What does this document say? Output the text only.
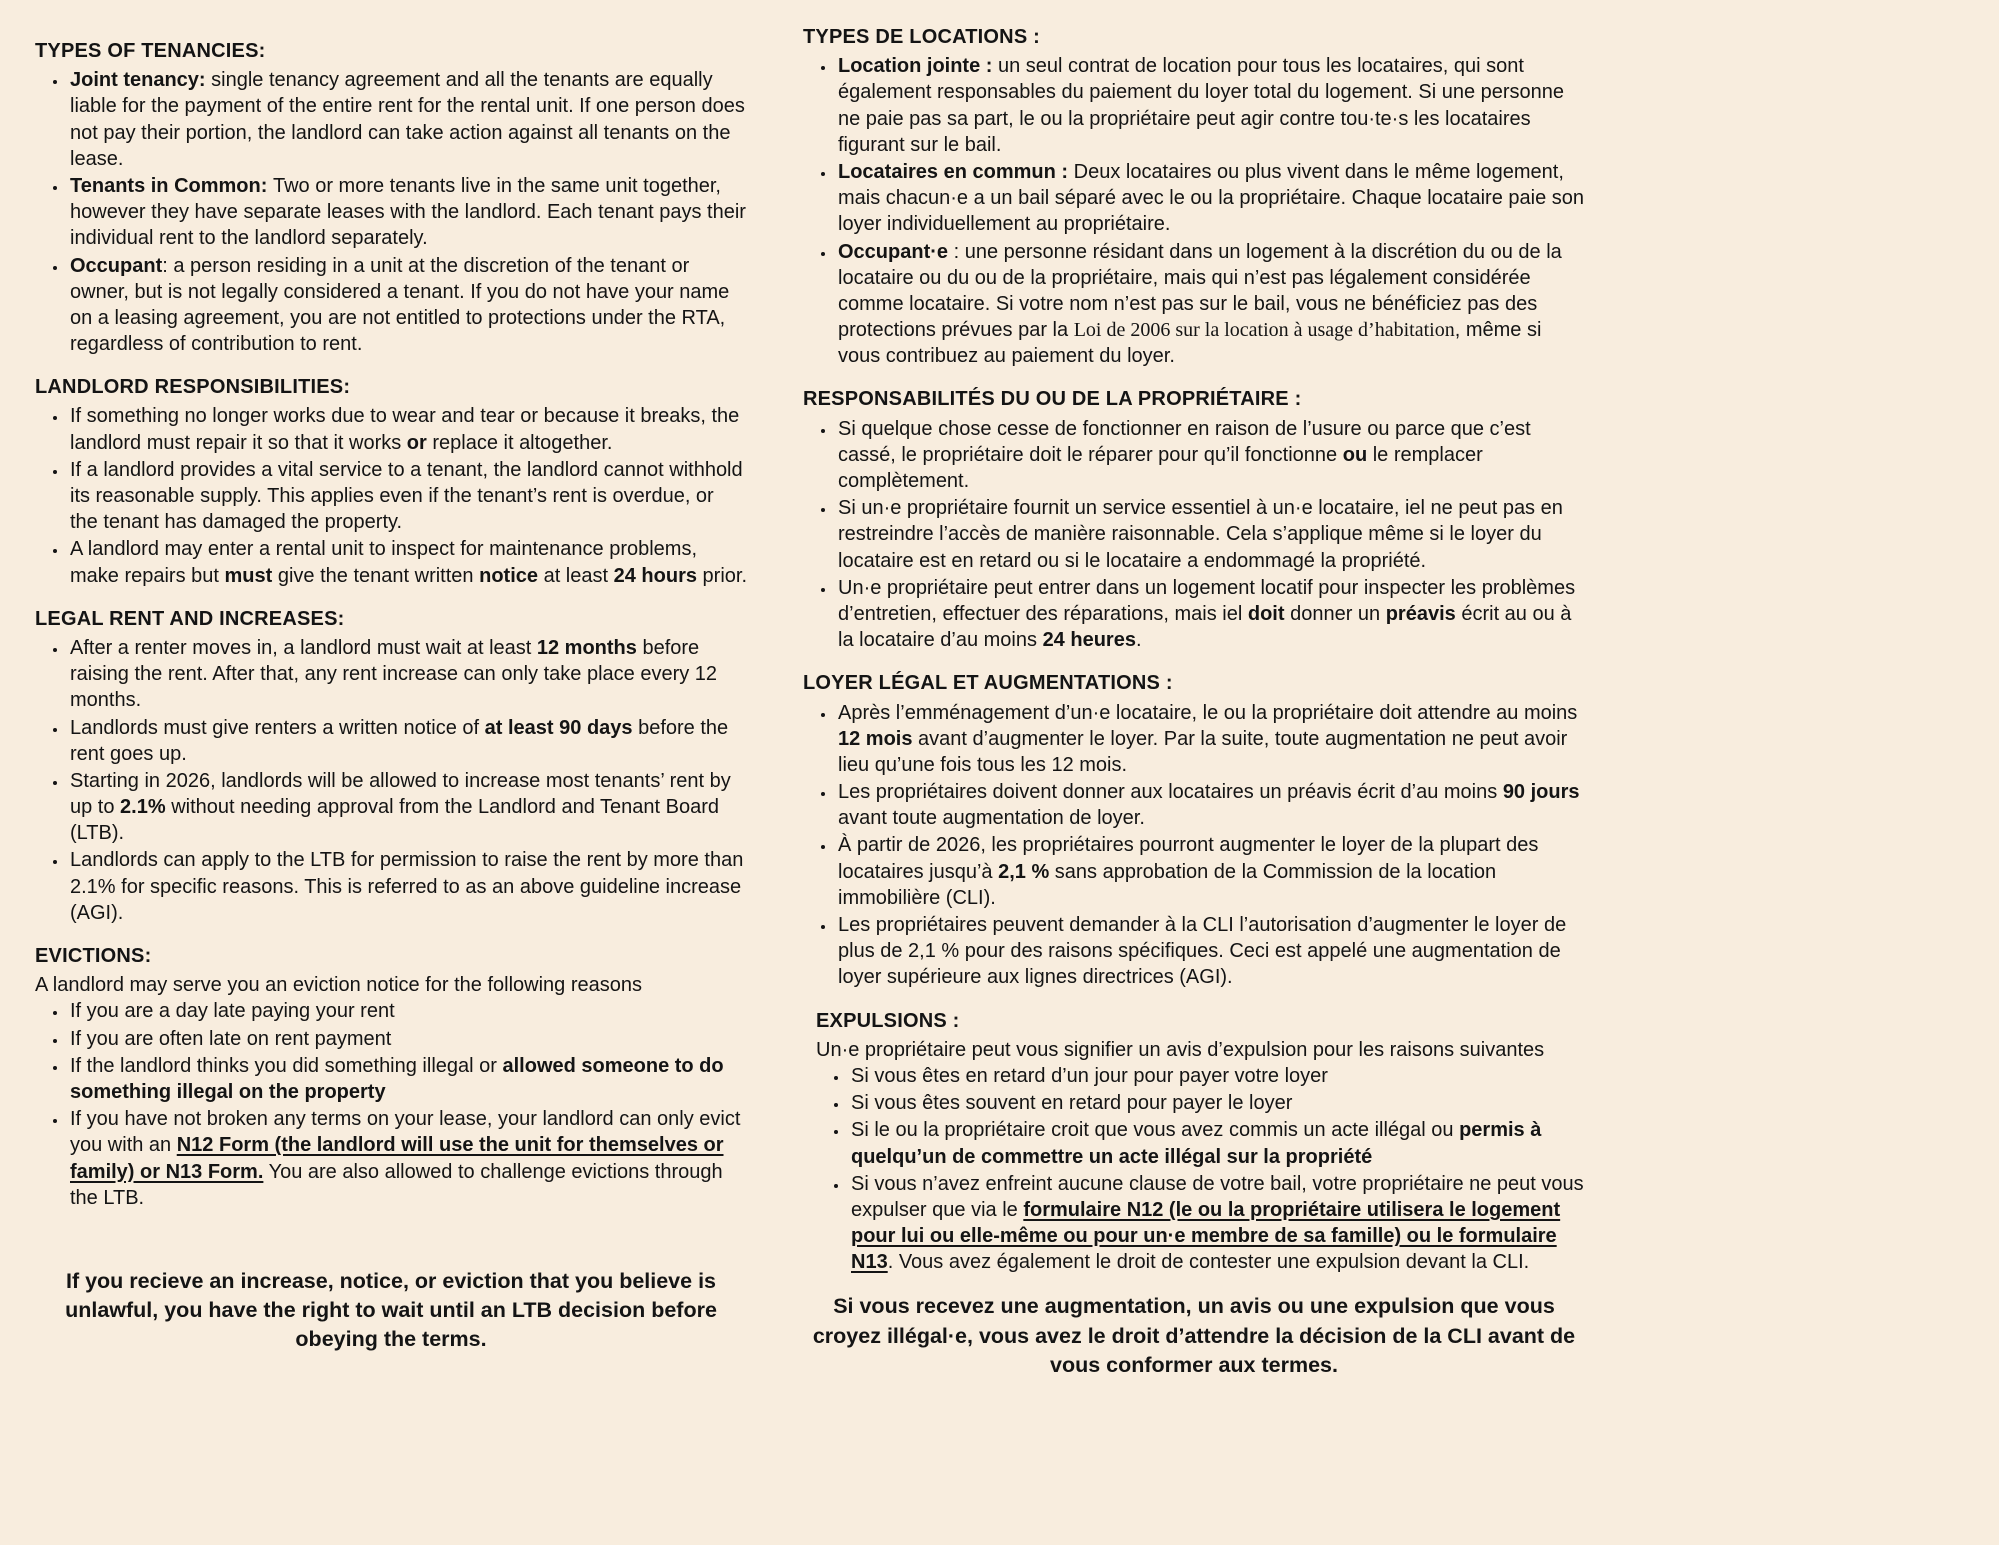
TYPES OF TENANCIES:
• Joint tenancy: single tenancy agreement and all the tenants are equally liable for the payment of the entire rent for the rental unit. If one person does not pay their portion, the landlord can take action against all tenants on the lease.
• Tenants in Common: Two or more tenants live in the same unit together, however they have separate leases with the landlord. Each tenant pays their individual rent to the landlord separately.
• Occupant: a person residing in a unit at the discretion of the tenant or owner, but is not legally considered a tenant. If you do not have your name on a leasing agreement, you are not entitled to protections under the RTA, regardless of contribution to rent.
LANDLORD RESPONSIBILITIES:
• If something no longer works due to wear and tear or because it breaks, the landlord must repair it so that it works or replace it altogether.
• If a landlord provides a vital service to a tenant, the landlord cannot withhold its reasonable supply. This applies even if the tenant’s rent is overdue, or the tenant has damaged the property.
• A landlord may enter a rental unit to inspect for maintenance problems, make repairs but must give the tenant written notice at least 24 hours prior.
LEGAL RENT AND INCREASES:
• After a renter moves in, a landlord must wait at least 12 months before raising the rent. After that, any rent increase can only take place every 12 months.
• Landlords must give renters a written notice of at least 90 days before the rent goes up.
• Starting in 2026, landlords will be allowed to increase most tenants’ rent by up to 2.1% without needing approval from the Landlord and Tenant Board (LTB).
• Landlords can apply to the LTB for permission to raise the rent by more than 2.1% for specific reasons. This is referred to as an above guideline increase (AGI).
EVICTIONS:

A landlord may serve you an eviction notice for the following reasons

• If you are a day late paying your rent
• If you are often late on rent payment
• If the landlord thinks you did something illegal or allowed someone to do something illegal on the property
• If you have not broken any terms on your lease, your landlord can only evict you with an N12 Form (the landlord will use the unit for themselves or family) or N13 Form. You are also allowed to challenge evictions through the LTB.

If you recieve an increase, notice, or eviction that you believe is unlawful, you have the right to wait until an LTB decision before obeying the terms.

TYPES DE LOCATIONS :
• Location jointe : un seul contrat de location pour tous les locataires, qui sont également responsables du paiement du loyer total du logement. Si une personne ne paie pas sa part, le ou la propriétaire peut agir contre tou·te·s les locataires figurant sur le bail.
• Locataires en commun : Deux locataires ou plus vivent dans le même logement, mais chacun·e a un bail séparé avec le ou la propriétaire. Chaque locataire paie son loyer individuellement au propriétaire.
• Occupant·e : une personne résidant dans un logement à la discrétion du ou de la locataire ou du ou de la propriétaire, mais qui n’est pas légalement considérée comme locataire. Si votre nom n’est pas sur le bail, vous ne bénéficiez pas des protections prévues par la Loi de 2006 sur la location à usage d’habitation, même si vous contribuez au paiement du loyer.
RESPONSABILITÉS DU OU DE LA PROPRIÉTAIRE :
• Si quelque chose cesse de fonctionner en raison de l’usure ou parce que c’est cassé, le propriétaire doit le réparer pour qu’il fonctionne ou le remplacer complètement.
• Si un·e propriétaire fournit un service essentiel à un·e locataire, iel ne peut pas en restreindre l’accès de manière raisonnable. Cela s’applique même si le loyer du locataire est en retard ou si le locataire a endommagé la propriété.
• Un·e propriétaire peut entrer dans un logement locatif pour inspecter les problèmes d’entretien, effectuer des réparations, mais iel doit donner un préavis écrit au ou à la locataire d’au moins 24 heures.
LOYER LÉGAL ET AUGMENTATIONS :
• Après l’emménagement d’un·e locataire, le ou la propriétaire doit attendre au moins 12 mois avant d’augmenter le loyer. Par la suite, toute augmentation ne peut avoir lieu qu’une fois tous les 12 mois.
• Les propriétaires doivent donner aux locataires un préavis écrit d’au moins 90 jours avant toute augmentation de loyer.
• À partir de 2026, les propriétaires pourront augmenter le loyer de la plupart des locataires jusqu’à 2,1 % sans approbation de la Commission de la location immobilière (CLI).
• Les propriétaires peuvent demander à la CLI l’autorisation d’augmenter le loyer de plus de 2,1 % pour des raisons spécifiques. Ceci est appelé une augmentation de loyer supérieure aux lignes directrices (AGI).
EXPULSIONS :

Un·e propriétaire peut vous signifier un avis d’expulsion pour les raisons suivantes

• Si vous êtes en retard d’un jour pour payer votre loyer
• Si vous êtes souvent en retard pour payer le loyer
• Si le ou la propriétaire croit que vous avez commis un acte illégal ou permis à quelqu’un de commettre un acte illégal sur la propriété
• Si vous n’avez enfreint aucune clause de votre bail, votre propriétaire ne peut vous expulser que via le formulaire N12 (le ou la propriétaire utilisera le logement pour lui ou elle-même ou pour un·e membre de sa famille) ou le formulaire N13. Vous avez également le droit de contester une expulsion devant la CLI.

Si vous recevez une augmentation, un avis ou une expulsion que vous croyez illégal·e, vous avez le droit d’attendre la décision de la CLI avant de vous conformer aux termes.
